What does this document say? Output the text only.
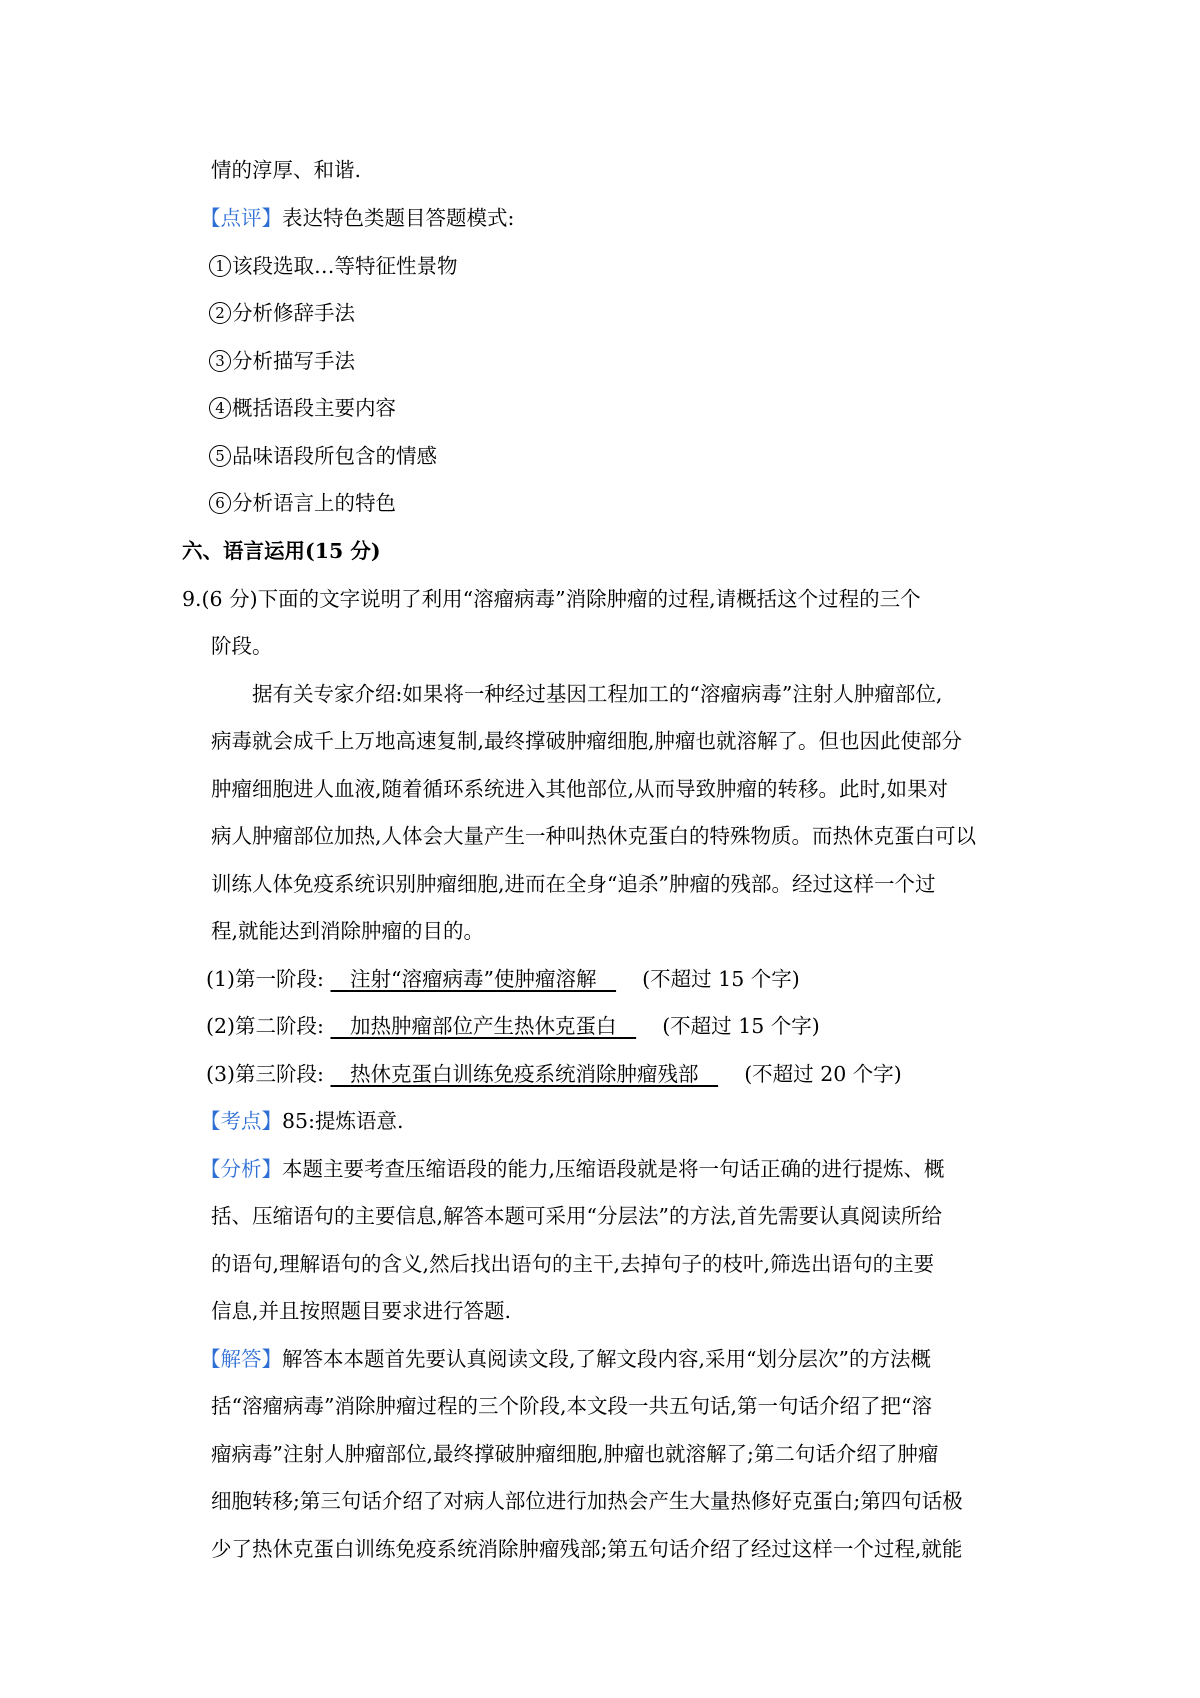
情的淳厚、和谐.

【点评】表达特色类题目答题模式:

1 该段选取…等特征性景物

2 分析修辞手法

3 分析描写手法

4 概括语段主要内容

5 品味语段所包含的情感

6 分析语言上的特色

六、语言运用(15 分)

9.(6 分)下面的文字说明了利用“溶瘤病毒”消除肿瘤的过程,请概括这个过程的三个

阶段。

据有关专家介绍:如果将一种经过基因工程加工的“溶瘤病毒”注射人肿瘤部位,

病毒就会成千上万地高速复制,最终撑破肿瘤细胞,肿瘤也就溶解了。但也因此使部分

肿瘤细胞进人血液,随着循环系统进入其他部位,从而导致肿瘤的转移。此时,如果对

病人肿瘤部位加热,人体会大量产生一种叫热休克蛋白的特殊物质。而热休克蛋白可以

训练人体免疫系统识别肿瘤细胞,进而在全身“追杀”肿瘤的残部。经过这样一个过

程,就能达到消除肿瘤的目的。

(1)第一阶段: 注射“溶瘤病毒”使肿瘤溶解 (不超过 15 个字)

(2)第二阶段: 加热肿瘤部位产生热休克蛋白 (不超过 15 个字)

(3)第三阶段: 热休克蛋白训练免疫系统消除肿瘤残部 (不超过 20 个字)

【考点】85:提炼语意.

【分析】本题主要考查压缩语段的能力,压缩语段就是将一句话正确的进行提炼、概

括、压缩语句的主要信息,解答本题可采用“分层法”的方法,首先需要认真阅读所给

的语句,理解语句的含义,然后找出语句的主干,去掉句子的枝叶,筛选出语句的主要

信息,并且按照题目要求进行答题.

【解答】解答本本题首先要认真阅读文段,了解文段内容,采用“划分层次”的方法概

括“溶瘤病毒”消除肿瘤过程的三个阶段,本文段一共五句话,第一句话介绍了把“溶

瘤病毒”注射人肿瘤部位,最终撑破肿瘤细胞,肿瘤也就溶解了;第二句话介绍了肿瘤

细胞转移;第三句话介绍了对病人部位进行加热会产生大量热修好克蛋白;第四句话极

少了热休克蛋白训练免疫系统消除肿瘤残部;第五句话介绍了经过这样一个过程,就能
